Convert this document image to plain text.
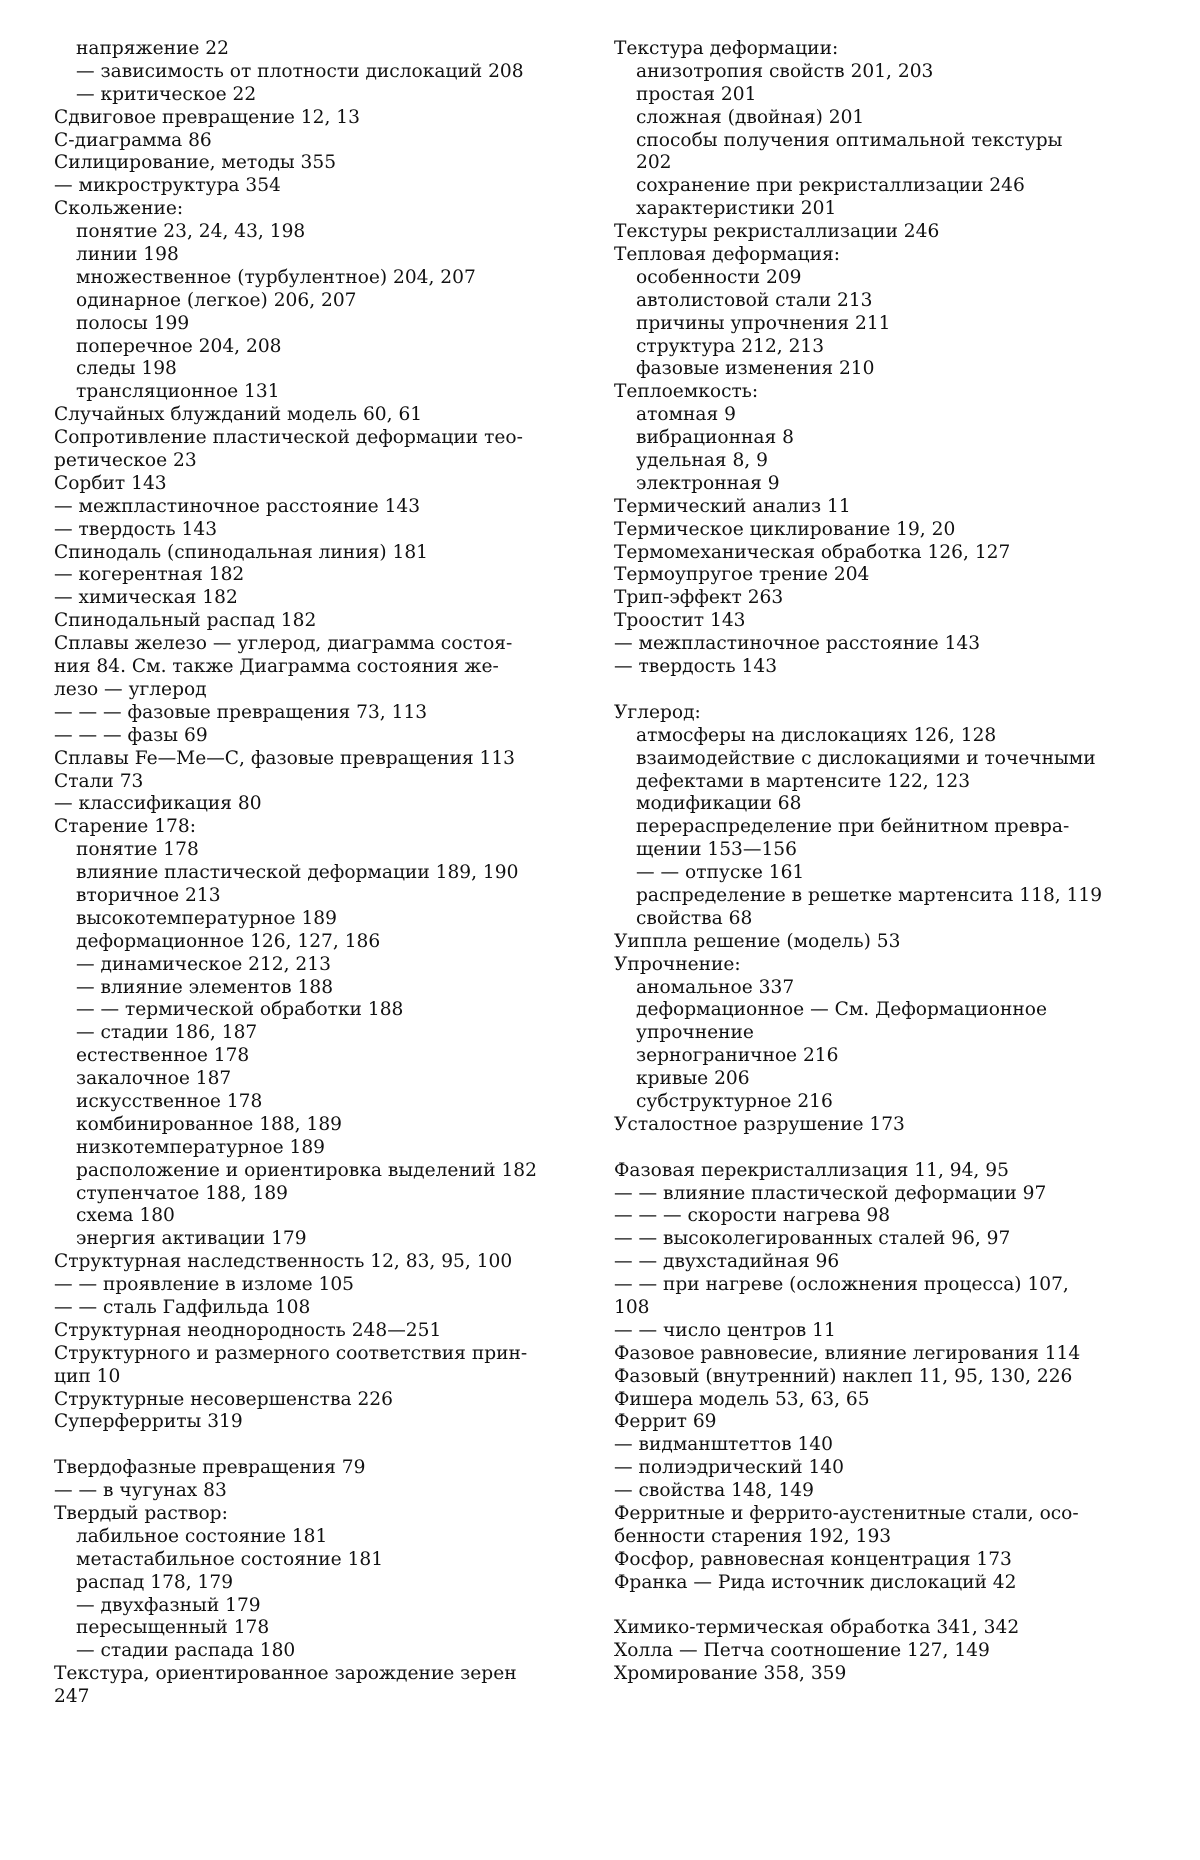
напряжение 22
— зависимость от плотности дислокаций 208
— критическое 22
Сдвиговое превращение 12, 13
С-диаграмма 86
Силицирование, методы 355
— микроструктура 354
Скольжение:
понятие 23, 24, 43, 198
линии 198
множественное (турбулентное) 204, 207
одинарное (легкое) 206, 207
полосы 199
поперечное 204, 208
следы 198
трансляционное 131
Случайных блужданий модель 60, 61
Сопротивление пластической деформации тео-
ретическое 23
Сорбит 143
— межпластиночное расстояние 143
— твердость 143
Спинодаль (спинодальная линия) 181
— когерентная 182
— химическая 182
Спинодальный распад 182
Сплавы железо — углерод, диаграмма состоя-
ния 84. См. также Диаграмма состояния же-
лезо — углерод
— — — фазовые превращения 73, 113
— — — фазы 69
Сплавы Fe—Me—С, фазовые превращения 113
Стали 73
— классификация 80
Старение 178:
понятие 178
влияние пластической деформации 189, 190
вторичное 213
высокотемпературное 189
деформационное 126, 127, 186
— динамическое 212, 213
— влияние элементов 188
— — термической обработки 188
— стадии 186, 187
естественное 178
закалочное 187
искусственное 178
комбинированное 188, 189
низкотемпературное 189
расположение и ориентировка выделений 182
ступенчатое 188, 189
схема 180
энергия активации 179
Структурная наследственность 12, 83, 95, 100
— — проявление в изломе 105
— — сталь Гадфильда 108
Структурная неоднородность 248—251
Структурного и размерного соответствия прин-
цип 10
Структурные несовершенства 226
Суперферриты 319
Твердофазные превращения 79
— — в чугунах 83
Твердый раствор:
лабильное состояние 181
метастабильное состояние 181
распад 178, 179
— двухфазный 179
пересыщенный 178
— стадии распада 180
Текстура, ориентированное зарождение зерен
247
Текстура деформации:
анизотропия свойств 201, 203
простая 201
сложная (двойная) 201
способы получения оптимальной текстуры
202
сохранение при рекристаллизации 246
характеристики 201
Текстуры рекристаллизации 246
Тепловая деформация:
особенности 209
автолистовой стали 213
причины упрочнения 211
структура 212, 213
фазовые изменения 210
Теплоемкость:
атомная 9
вибрационная 8
удельная 8, 9
электронная 9
Термический анализ 11
Термическое циклирование 19, 20
Термомеханическая обработка 126, 127
Термоупругое трение 204
Трип-эффект 263
Троостит 143
— межпластиночное расстояние 143
— твердость 143
Углерод:
атмосферы на дислокациях 126, 128
взаимодействие с дислокациями и точечными
дефектами в мартенсите 122, 123
модификации 68
перераспределение при бейнитном превра-
щении 153—156
— — отпуске 161
распределение в решетке мартенсита 118, 119
свойства 68
Уиппла решение (модель) 53
Упрочнение:
аномальное 337
деформационное — См. Деформационное
упрочнение
зернограничное 216
кривые 206
субструктурное 216
Усталостное разрушение 173
Фазовая перекристаллизация 11, 94, 95
— — влияние пластической деформации 97
— — — скорости нагрева 98
— — высоколегированных сталей 96, 97
— — двухстадийная 96
— — при нагреве (осложнения процесса) 107,
108
— — число центров 11
Фазовое равновесие, влияние легирования 114
Фазовый (внутренний) наклеп 11, 95, 130, 226
Фишера модель 53, 63, 65
Феррит 69
— видманштеттов 140
— полиэдрический 140
— свойства 148, 149
Ферритные и феррито-аустенитные стали, осо-
бенности старения 192, 193
Фосфор, равновесная концентрация 173
Франка — Рида источник дислокаций 42
Химико-термическая обработка 341, 342
Холла — Петча соотношение 127, 149
Хромирование 358, 359
